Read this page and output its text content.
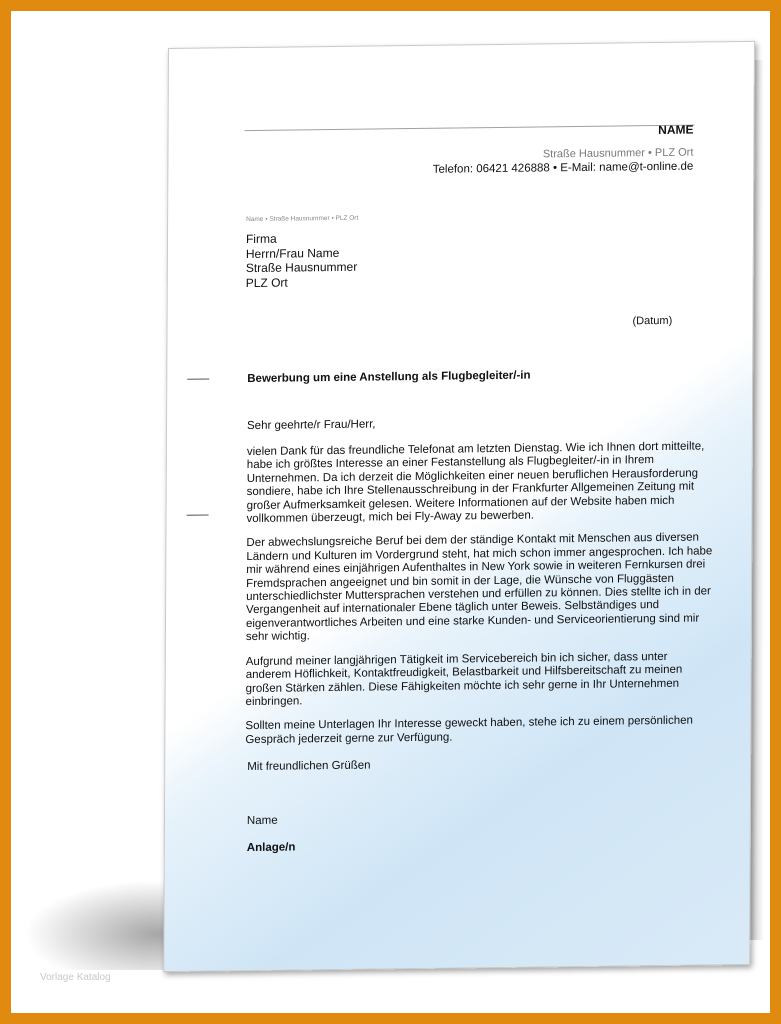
NAME
Straße Hausnummer • PLZ Ort
Telefon: 06421 426888 • E-Mail: name@t-online.de
Name • Straße Hausnummer • PLZ Ort
Firma
Herrn/Frau Name
Straße Hausnummer
PLZ Ort
(Datum)
Bewerbung um eine Anstellung als Flugbegleiter/-in
Sehr geehrte/r Frau/Herr,

vielen Dank für das freundliche Telefonat am letzten Dienstag. Wie ich Ihnen dort mitteilte, habe ich größtes Interesse an einer Festanstellung als Flugbegleiter/-in in Ihrem Unternehmen. Da ich derzeit die Möglichkeiten einer neuen beruflichen Herausforderung sondiere, habe ich Ihre Stellenausschreibung in der Frankfurter Allgemeinen Zeitung mit großer Aufmerksamkeit gelesen. Weitere Informationen auf der Website haben mich vollkommen überzeugt, mich bei Fly-Away zu bewerben.

Der abwechslungsreiche Beruf bei dem der ständige Kontakt mit Menschen aus diversen Ländern und Kulturen im Vordergrund steht, hat mich schon immer angesprochen. Ich habe mir während eines einjährigen Aufenthaltes in New York sowie in weiteren Fernkursen drei Fremdsprachen angeeignet und bin somit in der Lage, die Wünsche von Fluggästen unterschiedlichster Muttersprachen verstehen und erfüllen zu können. Dies stellte ich in der Vergangenheit auf internationaler Ebene täglich unter Beweis. Selbständiges und eigenverantwortliches Arbeiten und eine starke Kunden- und Serviceorientierung sind mir sehr wichtig.

Aufgrund meiner langjährigen Tätigkeit im Servicebereich bin ich sicher, dass unter anderem Höflichkeit, Kontaktfreudigkeit, Belastbarkeit und Hilfsbereitschaft zu meinen großen Stärken zählen. Diese Fähigkeiten möchte ich sehr gerne in Ihr Unternehmen einbringen.

Sollten meine Unterlagen Ihr Interesse geweckt haben, stehe ich zu einem persönlichen Gespräch jederzeit gerne zur Verfügung.

Mit freundlichen Grüßen
Name
Anlage/n
Vorlage Katalog
